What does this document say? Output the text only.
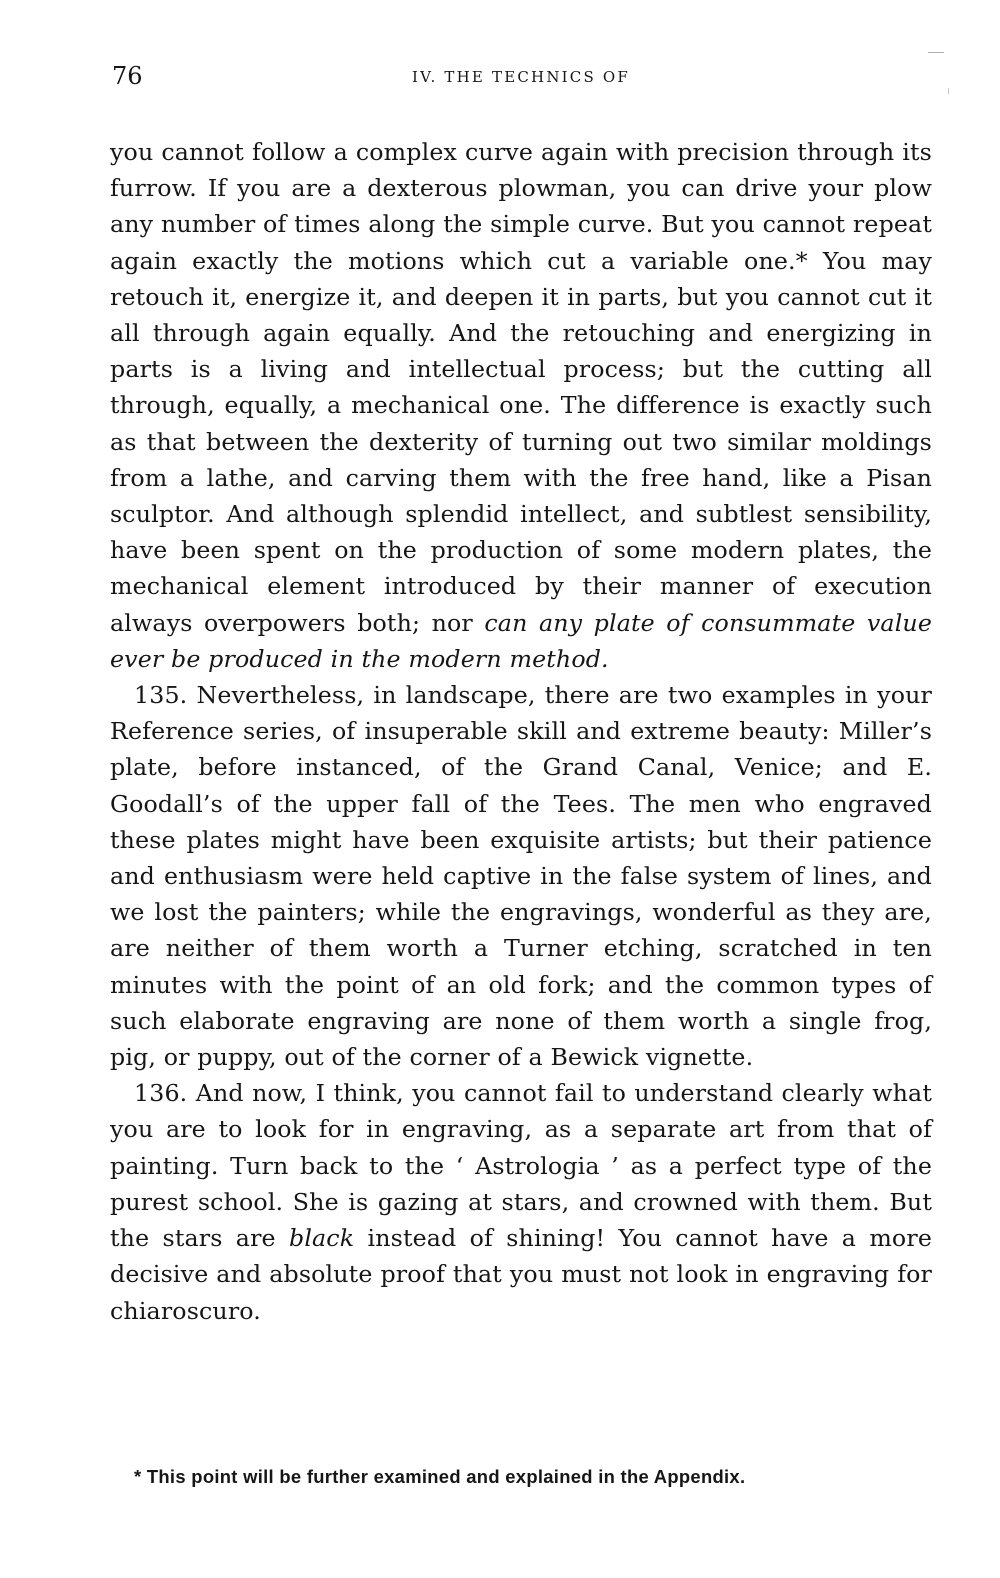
76	IV. THE TECHNICS OF

you cannot follow a complex curve again with precision through its furrow. If you are a dexterous plowman, you can drive your plow any number of times along the simple curve. But you cannot repeat again exactly the motions which cut a variable one.* You may retouch it, energize it, and deepen it in parts, but you cannot cut it all through again equally. And the retouching and energizing in parts is a living and intellectual process; but the cutting all through, equally, a mechanical one. The difference is exactly such as that between the dexterity of turning out two similar moldings from a lathe, and carving them with the free hand, like a Pisan sculptor. And although splendid intellect, and subtlest sensibility, have been spent on the production of some modern plates, the mechanical element introduced by their manner of execution always overpowers both; nor can any plate of consummate value ever be produced in the modern method.

135. Nevertheless, in landscape, there are two examples in your Reference series, of insuperable skill and extreme beauty: Miller’s plate, before instanced, of the Grand Canal, Venice; and E. Goodall’s of the upper fall of the Tees. The men who engraved these plates might have been exquisite artists; but their patience and enthusiasm were held captive in the false system of lines, and we lost the painters; while the engravings, wonderful as they are, are neither of them worth a Turner etching, scratched in ten minutes with the point of an old fork; and the common types of such elaborate engraving are none of them worth a single frog, pig, or puppy, out of the corner of a Bewick vignette.

136. And now, I think, you cannot fail to understand clearly what you are to look for in engraving, as a separate art from that of painting. Turn back to the ‘ Astrologia ’ as a perfect type of the purest school. She is gazing at stars, and crowned with them. But the stars are black instead of shining! You cannot have a more decisive and absolute proof that you must not look in engraving for chiaroscuro.

* This point will be further examined and explained in the Appendix.
